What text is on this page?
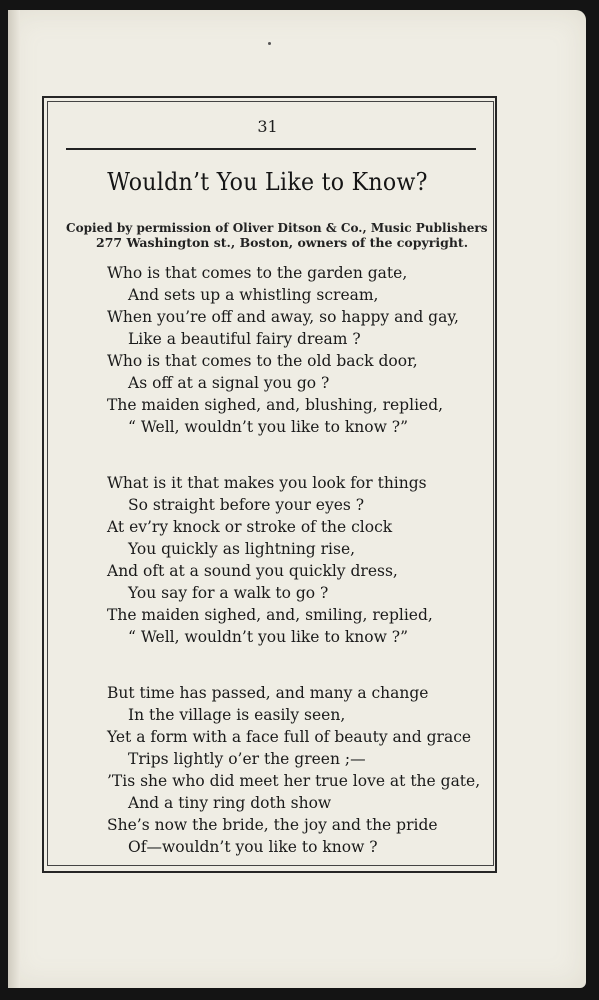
31
Wouldn’t You Like to Know?
Copied by permission of Oliver Ditson & Co., Music Publishers
277 Washington st., Boston, owners of the copyright.
Who is that comes to the garden gate,
And sets up a whistling scream,
When you’re off and away, so happy and gay,
Like a beautiful fairy dream ?
Who is that comes to the old back door,
As off at a signal you go ?
The maiden sighed, and, blushing, replied,
“ Well, wouldn’t you like to know ?”
What is it that makes you look for things
So straight before your eyes ?
At ev’ry knock or stroke of the clock
You quickly as lightning rise,
And oft at a sound you quickly dress,
You say for a walk to go ?
The maiden sighed, and, smiling, replied,
“ Well, wouldn’t you like to know ?”
But time has passed, and many a change
In the village is easily seen,
Yet a form with a face full of beauty and grace
Trips lightly o’er the green ;—
’Tis she who did meet her true love at the gate,
And a tiny ring doth show
She’s now the bride, the joy and the pride
Of—wouldn’t you like to know ?
